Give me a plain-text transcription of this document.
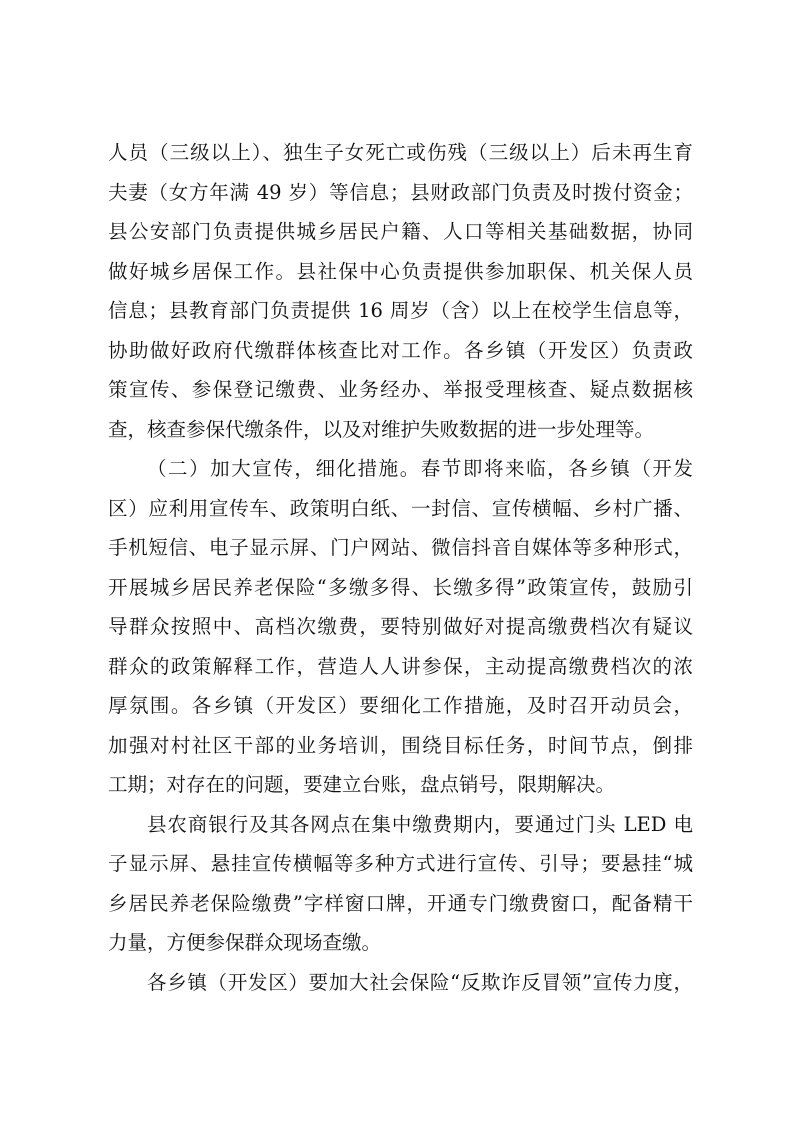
人员（三级以上）、独生子女死亡或伤残（三级以上）后未再生育
夫妻（女方年满 49 岁）等信息；县财政部门负责及时拨付资金；
县公安部门负责提供城乡居民户籍、人口等相关基础数据，协同
做好城乡居保工作。县社保中心负责提供参加职保、机关保人员
信息；县教育部门负责提供 16 周岁（含）以上在校学生信息等，
协助做好政府代缴群体核查比对工作。各乡镇（开发区）负责政
策宣传、参保登记缴费、业务经办、举报受理核查、疑点数据核
查，核查参保代缴条件，以及对维护失败数据的进一步处理等。
（二）加大宣传，细化措施。春节即将来临，各乡镇（开发
区）应利用宣传车、政策明白纸、一封信、宣传横幅、乡村广播、
手机短信、电子显示屏、门户网站、微信抖音自媒体等多种形式，
开展城乡居民养老保险“多缴多得、长缴多得”政策宣传，鼓励引
导群众按照中、高档次缴费，要特别做好对提高缴费档次有疑议
群众的政策解释工作，营造人人讲参保，主动提高缴费档次的浓
厚氛围。各乡镇（开发区）要细化工作措施，及时召开动员会，
加强对村社区干部的业务培训，围绕目标任务，时间节点，倒排
工期；对存在的问题，要建立台账，盘点销号，限期解决。
县农商银行及其各网点在集中缴费期内，要通过门头 LED 电
子显示屏、悬挂宣传横幅等多种方式进行宣传、引导；要悬挂“城
乡居民养老保险缴费”字样窗口牌，开通专门缴费窗口，配备精干
力量，方便参保群众现场查缴。
各乡镇（开发区）要加大社会保险“反欺诈反冒领”宣传力度，
